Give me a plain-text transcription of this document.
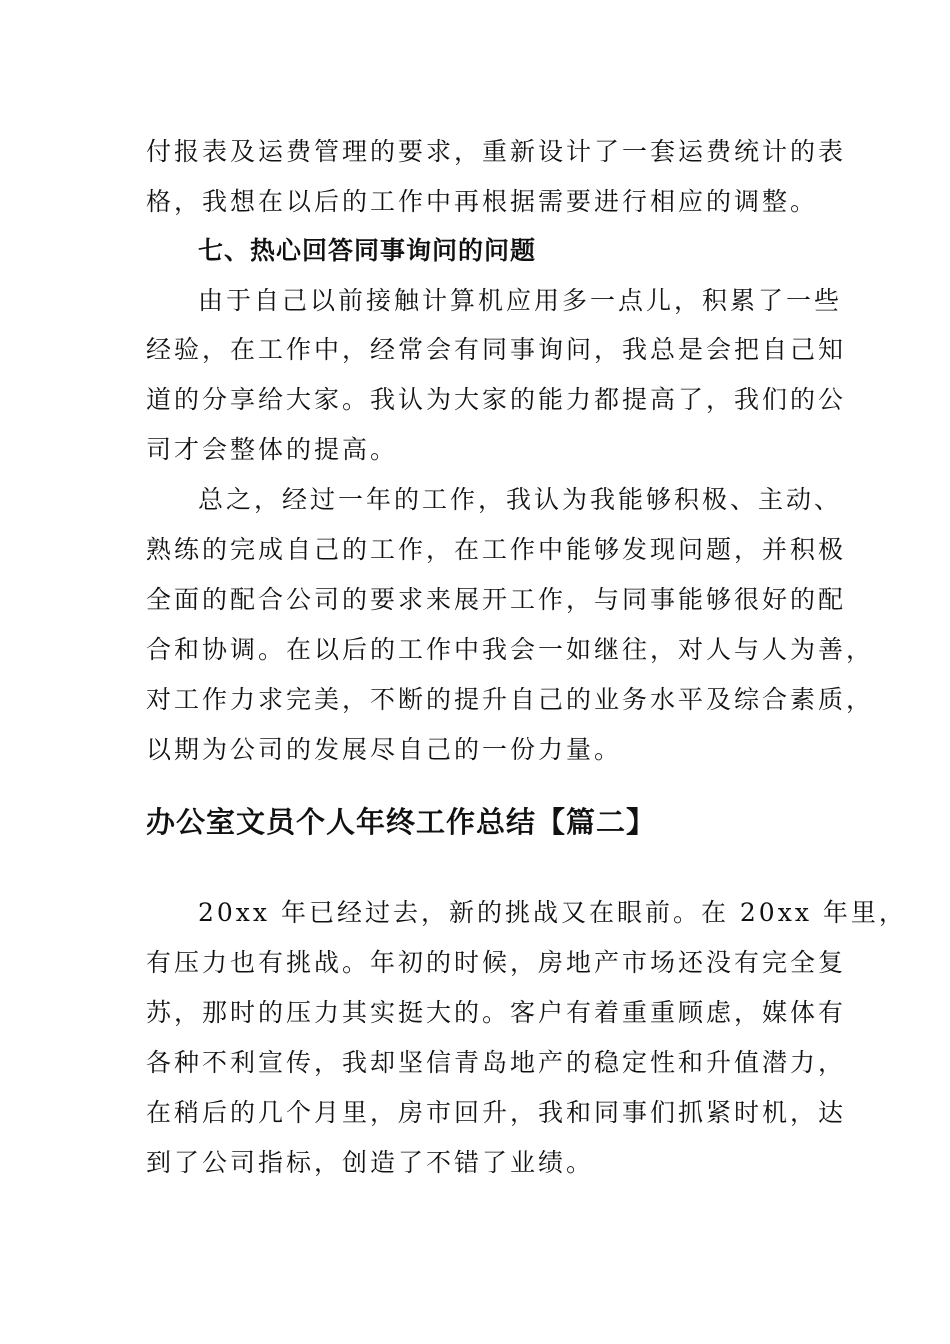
付报表及运费管理的要求，重新设计了一套运费统计的表
格，我想在以后的工作中再根据需要进行相应的调整。
七、热心回答同事询问的问题
由于自己以前接触计算机应用多一点儿，积累了一些
经验，在工作中，经常会有同事询问，我总是会把自己知
道的分享给大家。我认为大家的能力都提高了，我们的公
司才会整体的提高。
总之，经过一年的工作，我认为我能够积极、主动、
熟练的完成自己的工作，在工作中能够发现问题，并积极
全面的配合公司的要求来展开工作，与同事能够很好的配
合和协调。在以后的工作中我会一如继往，对人与人为善，
对工作力求完美，不断的提升自己的业务水平及综合素质，
以期为公司的发展尽自己的一份力量。
办公室文员个人年终工作总结【篇二】
20xx 年已经过去，新的挑战又在眼前。在 20xx 年里，
有压力也有挑战。年初的时候，房地产市场还没有完全复
苏，那时的压力其实挺大的。客户有着重重顾虑，媒体有
各种不利宣传，我却坚信青岛地产的稳定性和升值潜力，
在稍后的几个月里，房市回升，我和同事们抓紧时机，达
到了公司指标，创造了不错了业绩。
